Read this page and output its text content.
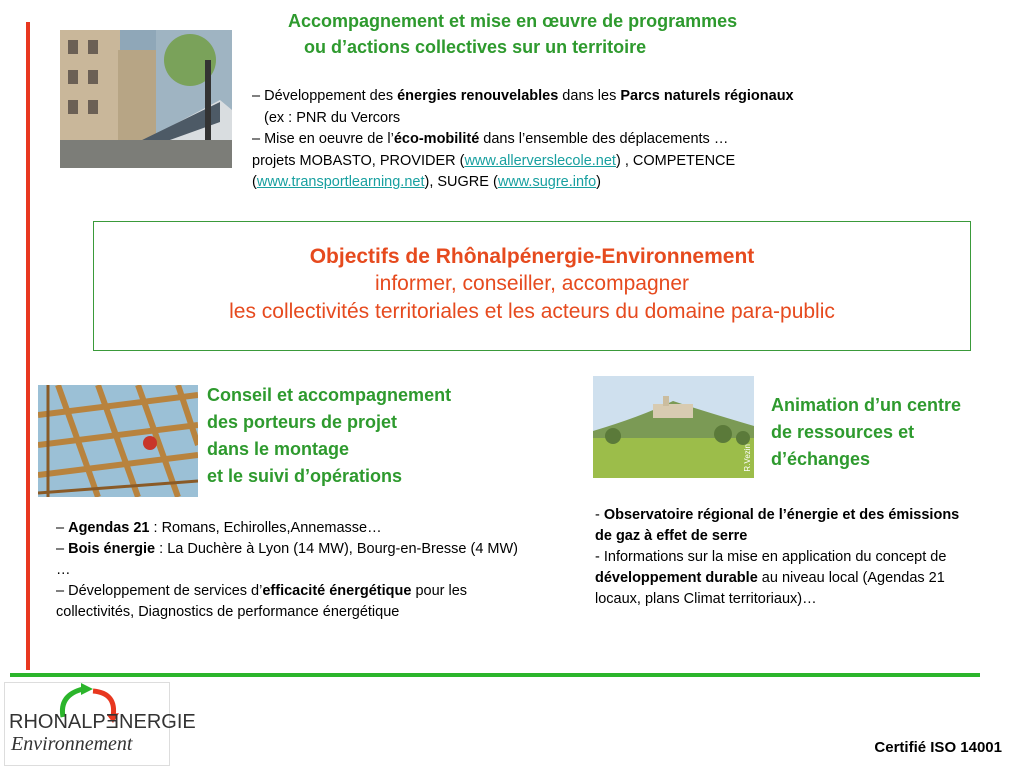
Accompagnement et mise en œuvre de programmes
ou d’actions collectives sur un territoire
– Développement des énergies renouvelables dans les Parcs naturels régionaux
(ex : PNR du Vercors
– Mise en oeuvre de l’éco-mobilité dans l’ensemble des déplacements …
projets MOBASTO, PROVIDER (www.allerverslecole.net) , COMPETENCE
(www.transportlearning.net), SUGRE (www.sugre.info)
Objectifs de Rhônalpénergie-Environnement
informer, conseiller, accompagner
les collectivités territoriales et les acteurs du domaine para-public
Conseil et accompagnement
des porteurs de projet
dans le montage
et le suivi d’opérations
– Agendas 21 : Romans, Echirolles,Annemasse…
– Bois énergie : La Duchère à Lyon (14 MW), Bourg-en-Bresse (4 MW) …
– Développement de services d’efficacité énergétique pour les collectivités, Diagnostics de performance énergétique
R.Vezin
Animation d’un centre
de ressources et
d’échanges
- Observatoire régional de l’énergie et des émissions de gaz à effet de serre
- Informations sur la mise en application du concept de développement durable au niveau local (Agendas 21 locaux, plans Climat territoriaux)…
RHONALPƎNERGIE
Environnement	Certifié ISO 14001
